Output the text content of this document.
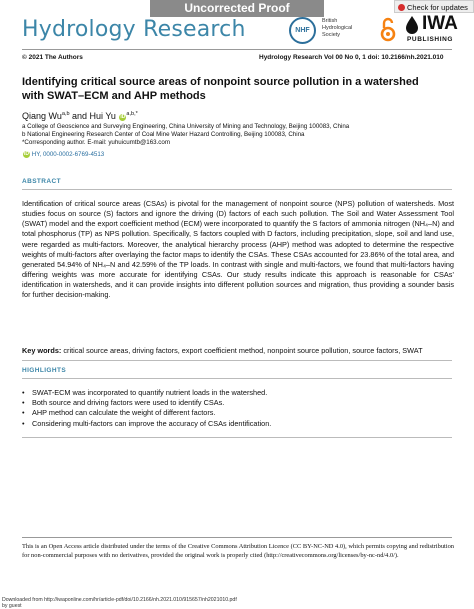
Uncorrected Proof	Check for updates
Hydrology Research	NHF
British
Hydrological
Society
IWA
PUBLISHING
© 2021 The Authors	Hydrology Research Vol 00 No 0, 1 doi: 10.2166/nh.2021.010
Identifying critical source areas of nonpoint source pollution in a watershed with SWAT–ECM and AHP methods
Qiang Wu$^{a,b}$ and Hui Yu $iD^{a,b,*}$
a College of Geoscience and Surveying Engineering, China University of Mining and Technology, Beijing 100083, China
b National Engineering Research Center of Coal Mine Water Hazard Controlling, Beijing 100083, China
*Corresponding author. E-mail: yuhuicumtb@163.com
iD HY, 0000-0002-6769-4513
ABSTRACT
Identification of critical source areas (CSAs) is pivotal for the management of nonpoint source (NPS) pollution of watersheds. Most studies focus on source (S) factors and ignore the driving (D) factors of each such pollution. The Soil and Water Assessment Tool (SWAT) model and the export coefficient method (ECM) were incorporated to quantify the S factors of ammonia nitrogen (NH₄–N) and total phosphorus (TP) as NPS pollution. Specifically, S factors coupled with D factors, including precipitation, slope, soil and land use, were regarded as multi-factors. Moreover, the analytical hierarchy process (AHP) method was adopted to determine the respective weights of multi-factors after overlaying the factor maps to identify the CSAs. These CSAs accounted for 23.86% of the total area, and generated 54.94% of NH₄–N and 42.59% of the TP loads. In contrast with single and multi-factors, we found that multi-factors having differing weights was more accurate for identifying CSAs. Our study results indicate this approach is reasonable for CSAs’ identification in watersheds, and it can provide insights into different pollution sources and migration, thus providing a sounder basis for further decision-making.
Key words: critical source areas, driving factors, export coefficient method, nonpoint source pollution, source factors, SWAT
HIGHLIGHTS
• SWAT-ECM was incorporated to quantify nutrient loads in the watershed.
• Both source and driving factors were used to identify CSAs.
• AHP method can calculate the weight of different factors.
• Considering multi-factors can improve the accuracy of CSAs identification.
This is an Open Access article distributed under the terms of the Creative Commons Attribution Licence (CC BY-NC-ND 4.0), which permits copying and redistribution for non-commercial purposes with no derivatives, provided the original work is properly cited (http://creativecommons.org/licenses/by-nc-nd/4.0/).
Downloaded from http://iwaponline.com/hr/article-pdf/doi/10.2166/nh.2021.010/915657/nh2021010.pdf
by guest
